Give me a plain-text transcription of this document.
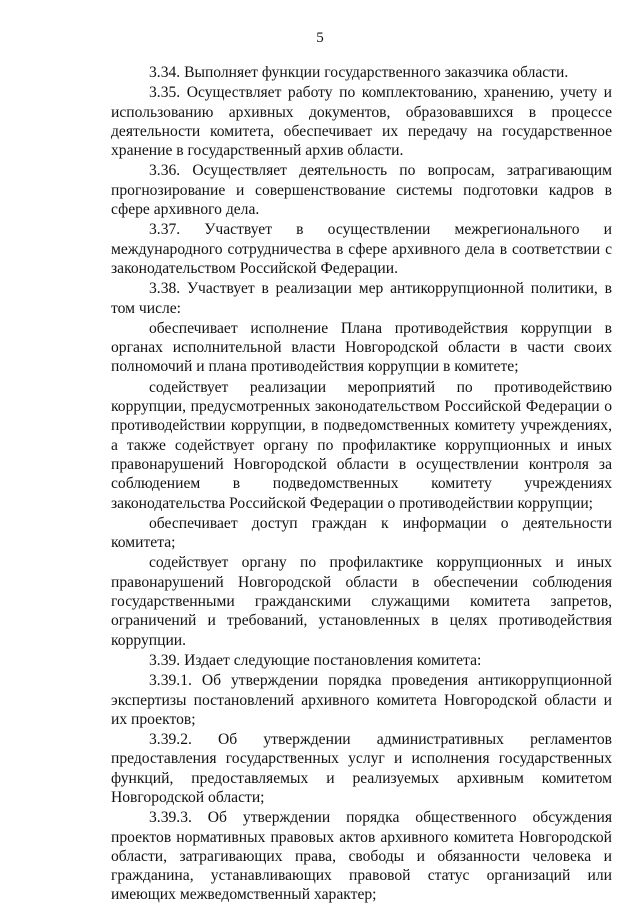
5

3.34. Выполняет функции государственного заказчика области.

3.35. Осуществляет работу по комплектованию, хранению, учету и использованию архивных документов, образовавшихся в процессе деятельности комитета, обеспечивает их передачу на государственное хранение в государственный архив области.

3.36. Осуществляет деятельность по вопросам, затрагивающим прогнозирование и совершенствование системы подготовки кадров в сфере архивного дела.

3.37. Участвует в осуществлении межрегионального и международного сотрудничества в сфере архивного дела в соответствии с законодательством Российской Федерации.

3.38. Участвует в реализации мер антикоррупционной политики, в том числе:

обеспечивает исполнение Плана противодействия коррупции в органах исполнительной власти Новгородской области в части своих полномочий и плана противодействия коррупции в комитете;

содействует реализации мероприятий по противодействию коррупции, предусмотренных законодательством Российской Федерации о противодействии коррупции, в подведомственных комитету учреждениях, а также содействует органу по профилактике коррупционных и иных правонарушений Новгородской области в осуществлении контроля за соблюдением в подведомственных комитету учреждениях законодательства Российской Федерации о противодействии коррупции;

обеспечивает доступ граждан к информации о деятельности комитета;

содействует органу по профилактике коррупционных и иных правонарушений Новгородской области в обеспечении соблюдения государственными гражданскими служащими комитета запретов, ограничений и требований, установленных в целях противодействия коррупции.

3.39. Издает следующие постановления комитета:

3.39.1. Об утверждении порядка проведения антикоррупционной экспертизы постановлений архивного комитета Новгородской области и их проектов;

3.39.2. Об утверждении административных регламентов предоставления государственных услуг и исполнения государственных функций, предоставляемых и реализуемых архивным комитетом Новгородской области;

3.39.3. Об утверждении порядка общественного обсуждения проектов нормативных правовых актов архивного комитета Новгородской области, затрагивающих права, свободы и обязанности человека и гражданина, устанавливающих правовой статус организаций или имеющих межведомственный характер;
